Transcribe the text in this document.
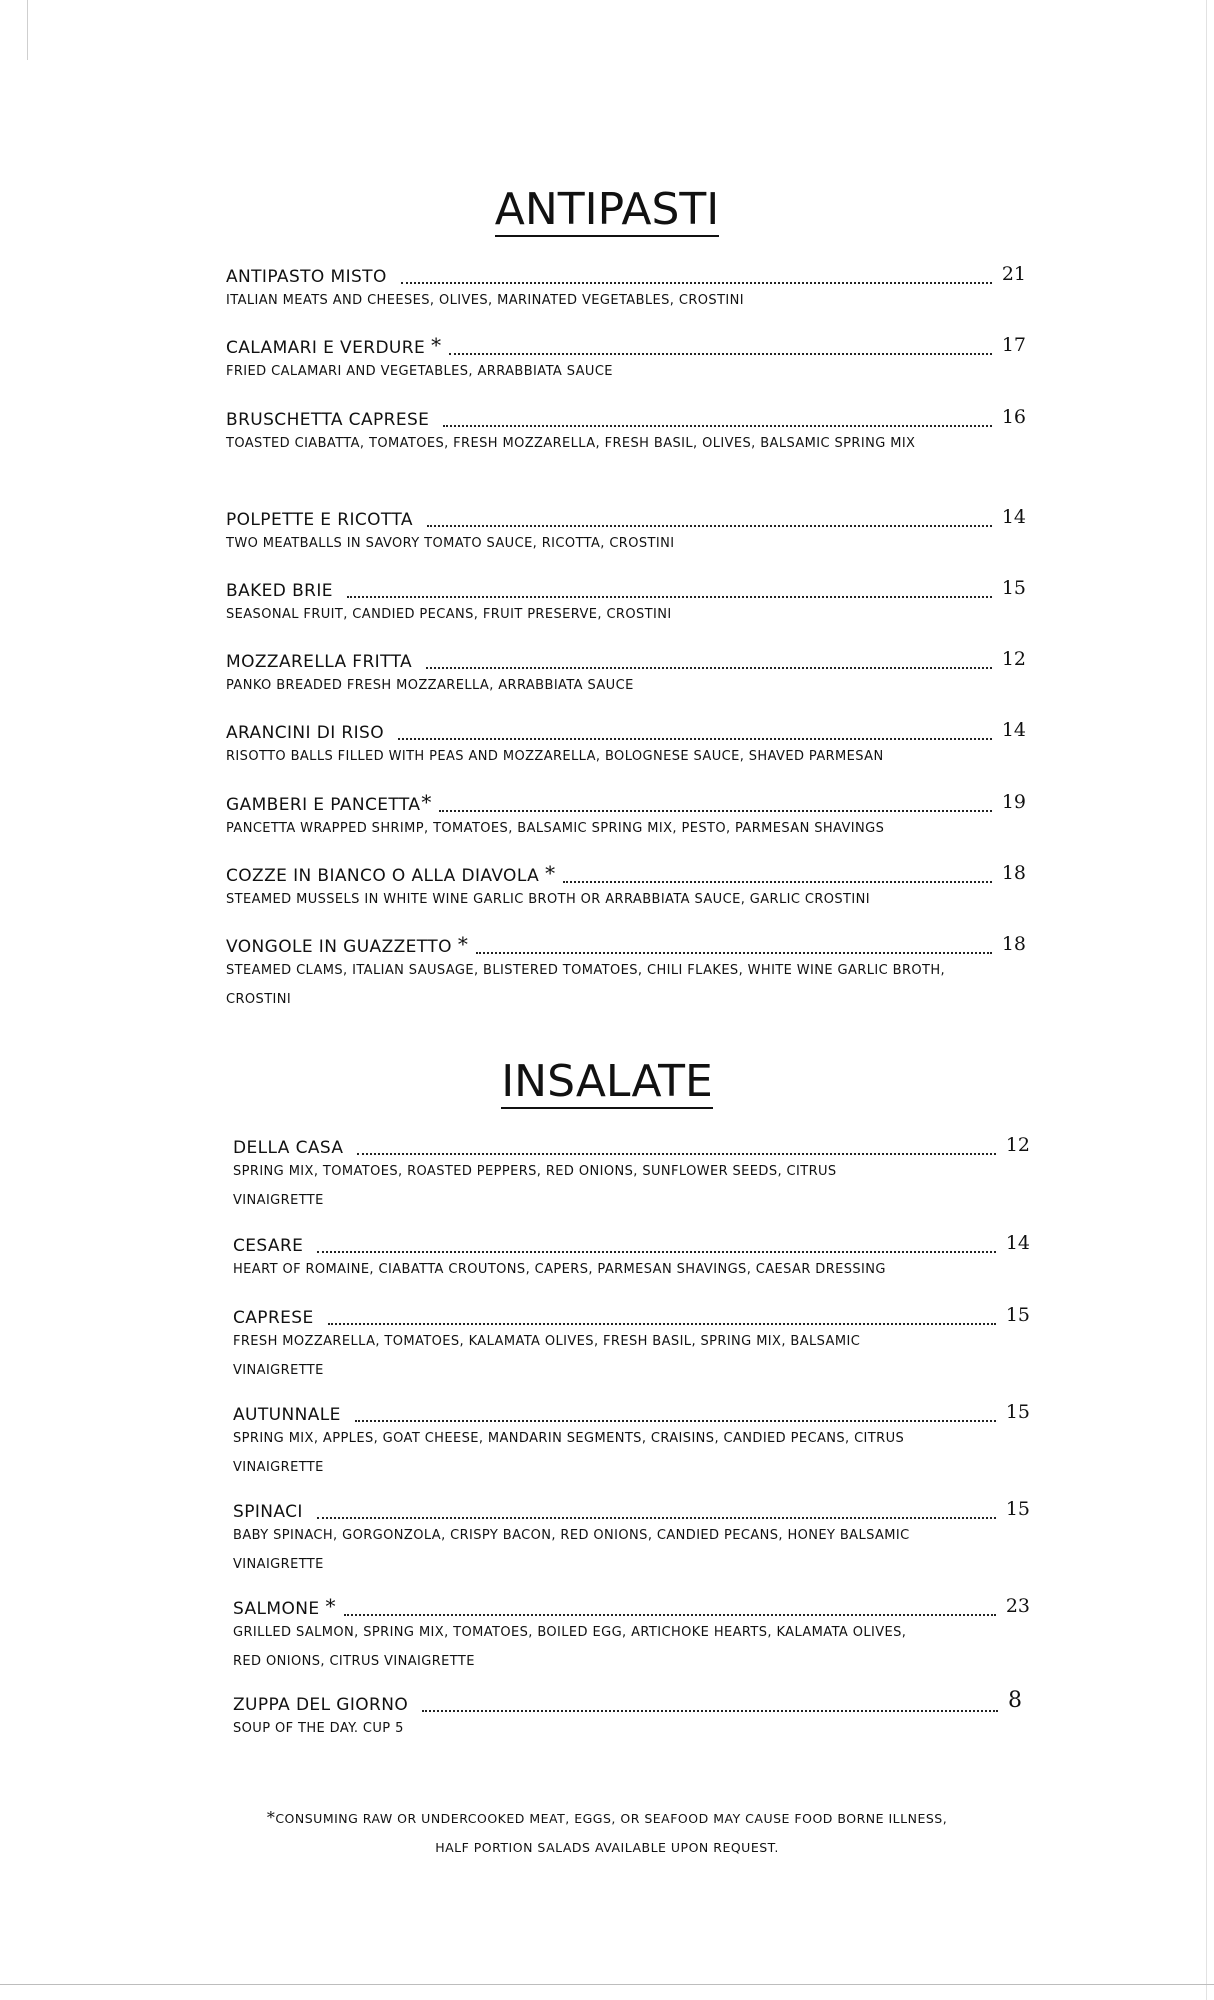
ANTIPASTI
ANTIPASTO MISTO	21
ITALIAN MEATS AND CHEESES, OLIVES, MARINATED VEGETABLES, CROSTINI
CALAMARI E VERDURE *	17
FRIED CALAMARI AND VEGETABLES, ARRABBIATA SAUCE
BRUSCHETTA CAPRESE	16
TOASTED CIABATTA, TOMATOES, FRESH MOZZARELLA, FRESH BASIL, OLIVES, BALSAMIC SPRING MIX
POLPETTE E RICOTTA	14
TWO MEATBALLS IN SAVORY TOMATO SAUCE, RICOTTA, CROSTINI
BAKED BRIE	15
SEASONAL FRUIT, CANDIED PECANS, FRUIT PRESERVE, CROSTINI
MOZZARELLA FRITTA	12
PANKO BREADED FRESH MOZZARELLA, ARRABBIATA SAUCE
ARANCINI DI RISO	14
RISOTTO BALLS FILLED WITH PEAS AND MOZZARELLA, BOLOGNESE SAUCE, SHAVED PARMESAN
GAMBERI E PANCETTA *	19
PANCETTA WRAPPED SHRIMP, TOMATOES, BALSAMIC SPRING MIX, PESTO, PARMESAN SHAVINGS
COZZE IN BIANCO O ALLA DIAVOLA *	18
STEAMED MUSSELS IN WHITE WINE GARLIC BROTH OR ARRABBIATA SAUCE, GARLIC CROSTINI
VONGOLE IN GUAZZETTO *	18
STEAMED CLAMS, ITALIAN SAUSAGE, BLISTERED TOMATOES, CHILI FLAKES, WHITE WINE GARLIC BROTH, CROSTINI
INSALATE
DELLA CASA	12
SPRING MIX, TOMATOES, ROASTED PEPPERS, RED ONIONS, SUNFLOWER SEEDS, CITRUS VINAIGRETTE
CESARE	14
HEART OF ROMAINE, CIABATTA CROUTONS, CAPERS, PARMESAN SHAVINGS, CAESAR DRESSING
CAPRESE	15
FRESH MOZZARELLA, TOMATOES, KALAMATA OLIVES, FRESH BASIL, SPRING MIX, BALSAMIC VINAIGRETTE
AUTUNNALE	15
SPRING MIX, APPLES, GOAT CHEESE, MANDARIN SEGMENTS, CRAISINS, CANDIED PECANS, CITRUS VINAIGRETTE
SPINACI	15
BABY SPINACH, GORGONZOLA, CRISPY BACON, RED ONIONS, CANDIED PECANS, HONEY BALSAMIC VINAIGRETTE
SALMONE *	23
GRILLED SALMON, SPRING MIX, TOMATOES, BOILED EGG, ARTICHOKE HEARTS, KALAMATA OLIVES, RED ONIONS, CITRUS VINAIGRETTE
ZUPPA DEL GIORNO	8
SOUP OF THE DAY. CUP 5
*CONSUMING RAW OR UNDERCOOKED MEAT, EGGS, OR SEAFOOD MAY CAUSE FOOD BORNE ILLNESS,
HALF PORTION SALADS AVAILABLE UPON REQUEST.
